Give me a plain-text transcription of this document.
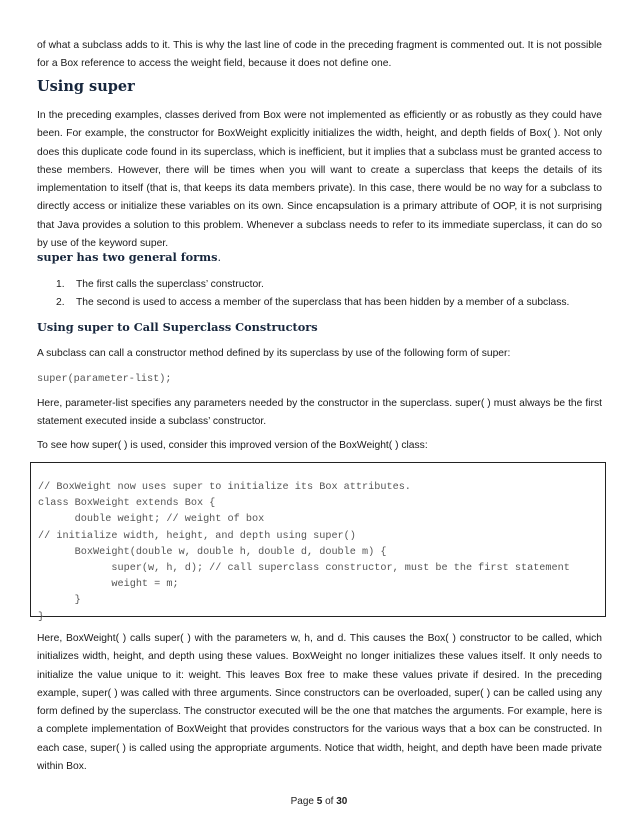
of what a subclass adds to it. This is why the last line of code in the preceding fragment is commented out. It is not possible for a Box reference to access the weight field, because it does not define one.

Using super

In the preceding examples, classes derived from Box were not implemented as efficiently or as robustly as they could have been. For example, the constructor for BoxWeight explicitly initializes the width, height, and depth fields of Box( ). Not only does this duplicate code found in its superclass, which is inefficient, but it implies that a subclass must be granted access to these members. However, there will be times when you will want to create a superclass that keeps the details of its implementation to itself (that is, that keeps its data members private). In this case, there would be no way for a subclass to directly access or initialize these variables on its own. Since encapsulation is a primary attribute of OOP, it is not surprising that Java provides a solution to this problem. Whenever a subclass needs to refer to its immediate superclass, it can do so by use of the keyword super.

super has two general forms.
1. The first calls the superclass’ constructor.
2. The second is used to access a member of the superclass that has been hidden by a member of a subclass.
Using super to Call Superclass Constructors

A subclass can call a constructor method defined by its superclass by use of the following form of super:

super(parameter-list);

Here, parameter-list specifies any parameters needed by the constructor in the superclass. super( ) must always be the first statement executed inside a subclass’ constructor.

To see how super( ) is used, consider this improved version of the BoxWeight( ) class:

// BoxWeight now uses super to initialize its Box attributes.
class BoxWeight extends Box {
double weight; // weight of box
// initialize width, height, and depth using super()
BoxWeight(double w, double h, double d, double m) {
super(w, h, d); // call superclass constructor, must be the first statement
weight = m;
}
}

Here, BoxWeight( ) calls super( ) with the parameters w, h, and d. This causes the Box( ) constructor to be called, which initializes width, height, and depth using these values. BoxWeight no longer initializes these values itself. It only needs to initialize the value unique to it: weight. This leaves Box free to make these values private if desired. In the preceding example, super( ) was called with three arguments. Since constructors can be overloaded, super( ) can be called using any form defined by the superclass. The constructor executed will be the one that matches the arguments. For example, here is a complete implementation of BoxWeight that provides constructors for the various ways that a box can be constructed. In each case, super( ) is called using the appropriate arguments. Notice that width, height, and depth have been made private within Box.

Page 5 of 30
